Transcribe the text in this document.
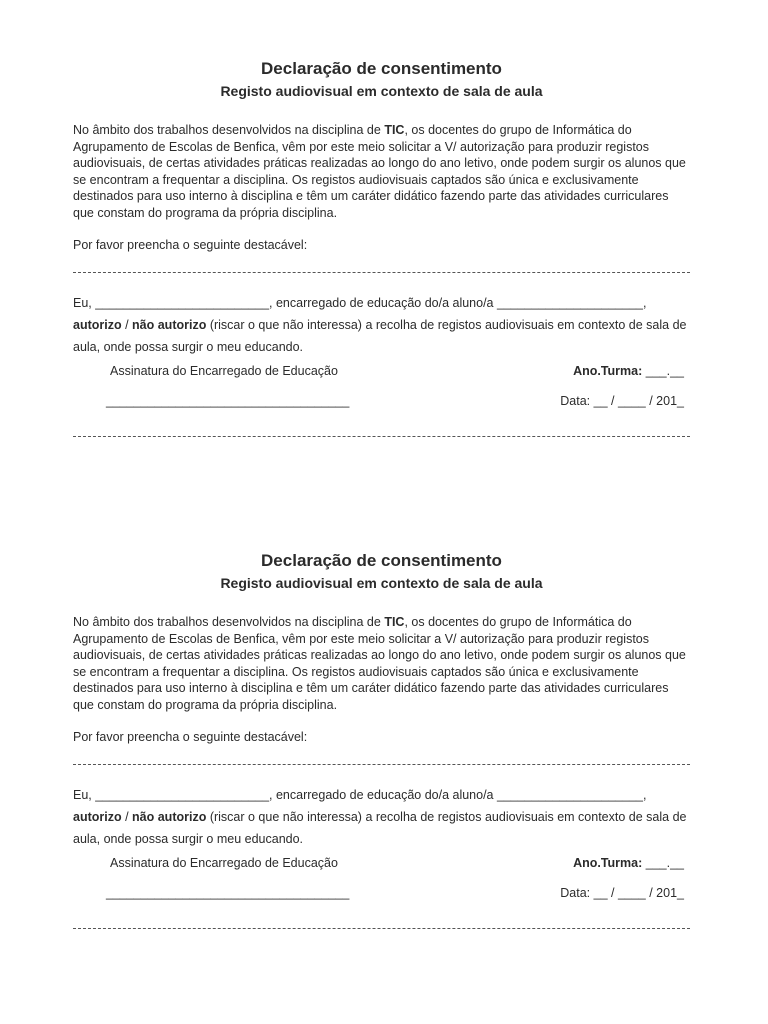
Declaração de consentimento
Registo audiovisual em contexto de sala de aula

No âmbito dos trabalhos desenvolvidos na disciplina de TIC, os docentes do grupo de Informática do Agrupamento de Escolas de Benfica, vêm por este meio solicitar a V/ autorização para produzir registos audiovisuais, de certas atividades práticas realizadas ao longo do ano letivo, onde podem surgir os alunos que se encontram a frequentar a disciplina. Os registos audiovisuais captados são única e exclusivamente destinados para uso interno à disciplina e têm um caráter didático fazendo parte das atividades curriculares que constam do programa da própria disciplina.

Por favor preencha o seguinte destacável:

Eu, _________________________, encarregado de educação do/a aluno/a _____________________,
autorizo / não autorizo (riscar o que não interessa) a recolha de registos audiovisuais em contexto de sala de aula, onde possa surgir o meu educando.

Assinatura do Encarregado de Educação	Ano.Turma: ___.__
___________________________________	Data: __ / ____ / 201_
Declaração de consentimento
Registo audiovisual em contexto de sala de aula

No âmbito dos trabalhos desenvolvidos na disciplina de TIC, os docentes do grupo de Informática do Agrupamento de Escolas de Benfica, vêm por este meio solicitar a V/ autorização para produzir registos audiovisuais, de certas atividades práticas realizadas ao longo do ano letivo, onde podem surgir os alunos que se encontram a frequentar a disciplina. Os registos audiovisuais captados são única e exclusivamente destinados para uso interno à disciplina e têm um caráter didático fazendo parte das atividades curriculares que constam do programa da própria disciplina.

Por favor preencha o seguinte destacável:

Eu, _________________________, encarregado de educação do/a aluno/a _____________________,
autorizo / não autorizo (riscar o que não interessa) a recolha de registos audiovisuais em contexto de sala de aula, onde possa surgir o meu educando.

Assinatura do Encarregado de Educação	Ano.Turma: ___.__
___________________________________	Data: __ / ____ / 201_
